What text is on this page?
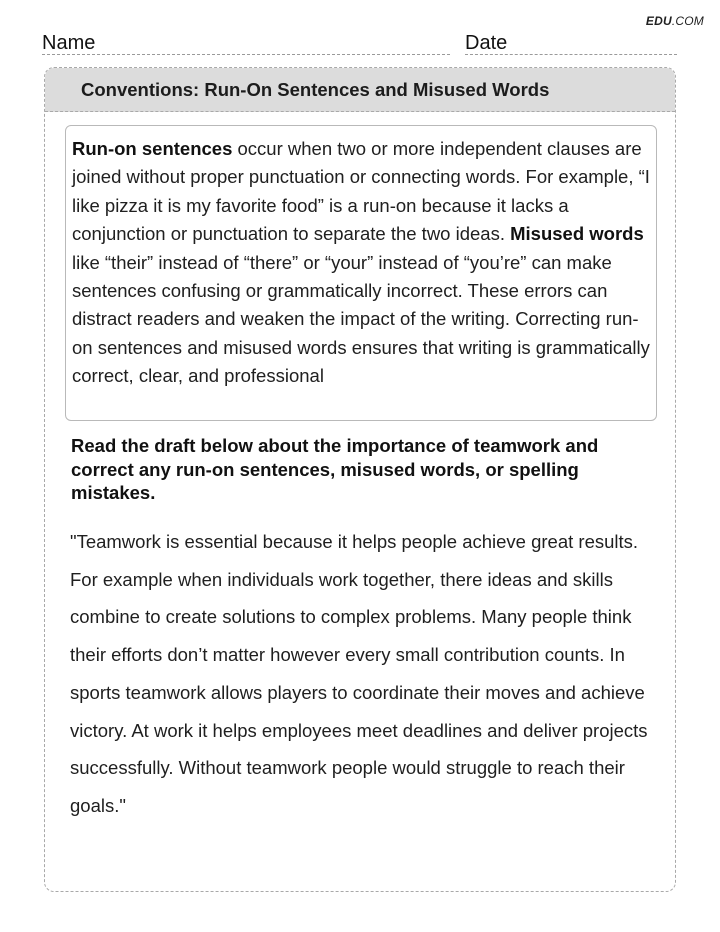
EDU.COM
Name	Date
Conventions: Run-On Sentences and Misused Words
Run-on sentences occur when two or more independent clauses are joined without proper punctuation or connecting words. For example, “I like pizza it is my favorite food” is a run-on because it lacks a conjunction or punctuation to separate the two ideas. Misused words like “their” instead of “there” or “your” instead of “you’re” can make sentences confusing or grammatically incorrect. These errors can distract readers and weaken the impact of the writing. Correcting run-on sentences and misused words ensures that writing is grammatically correct, clear, and professional
Read the draft below about the importance of teamwork and correct any run-on sentences, misused words, or spelling mistakes.
"Teamwork is essential because it helps people achieve great results. For example when individuals work together, there ideas and skills combine to create solutions to complex problems. Many people think their efforts don’t matter however every small contribution counts. In sports teamwork allows players to coordinate their moves and achieve victory. At work it helps employees meet deadlines and deliver projects successfully. Without teamwork people would struggle to reach their goals."
